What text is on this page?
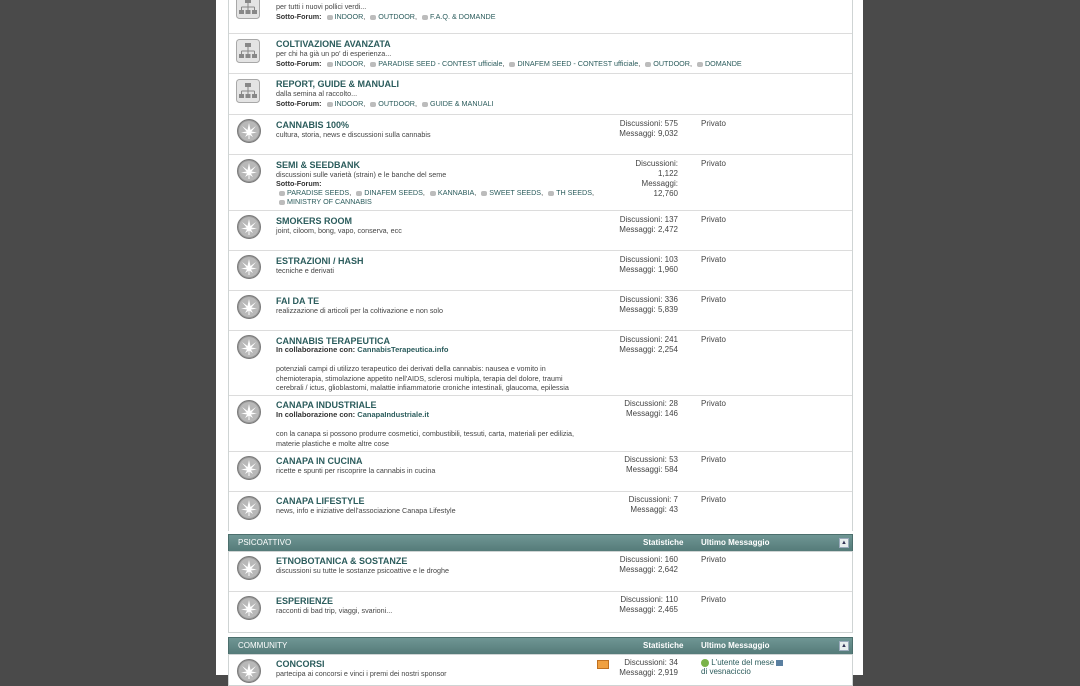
per tutti i nuovi pollici verdi...
Sotto-Forum: INDOOR, OUTDOOR, F.A.Q. & DOMANDE
COLTIVAZIONE AVANZATA
per chi ha già un po' di esperienza...
Sotto-Forum: INDOOR, PARADISE SEED - CONTEST ufficiale, DINAFEM SEED - CONTEST ufficiale, OUTDOOR, DOMANDE
REPORT, GUIDE & MANUALI
dalla semina al raccolto...
Sotto-Forum: INDOOR, OUTDOOR, GUIDE & MANUALI
CANNABIS 100%
cultura, storia, news e discussioni sulla cannabis
Discussioni: 575
Messaggi: 9,032
Privato
SEMI & SEEDBANK
discussioni sulle varietà (strain) e le banche del seme
Sotto-Forum:
PARADISE SEEDS, DINAFEM SEEDS, KANNABIA, SWEET SEEDS, TH SEEDS,
MINISTRY OF CANNABIS
Discussioni:
1,122
Messaggi:
12,760
Privato
SMOKERS ROOM
joint, ciloom, bong, vapo, conserva, ecc
Discussioni: 137
Messaggi: 2,472
Privato
ESTRAZIONI / HASH
tecniche e derivati
Discussioni: 103
Messaggi: 1,960
Privato
FAI DA TE
realizzazione di articoli per la coltivazione e non solo
Discussioni: 336
Messaggi: 5,839
Privato
CANNABIS TERAPEUTICA
In collaborazione con: CannabisTerapeutica.info
potenziali campi di utilizzo terapeutico dei derivati della cannabis: nausea e vomito in chemioterapia, stimolazione appetito nell'AIDS, sclerosi multipla, terapia del dolore, traumi cerebrali / ictus, glioblastomi, malattie infiammatorie croniche intestinali, glaucoma, epilessia
Discussioni: 241
Messaggi: 2,254
Privato
CANAPA INDUSTRIALE
In collaborazione con: CanapaIndustriale.it
con la canapa si possono produrre cosmetici, combustibili, tessuti, carta, materiali per edilizia, materie plastiche e molte altre cose
Discussioni: 28
Messaggi: 146
Privato
CANAPA IN CUCINA
ricette e spunti per riscoprire la cannabis in cucina
Discussioni: 53
Messaggi: 584
Privato
CANAPA LIFESTYLE
news, info e iniziative dell'associazione Canapa Lifestyle
Discussioni: 7
Messaggi: 43
Privato
PSICOATTIVO	Statistiche Ultimo Messaggio	▲
ETNOBOTANICA & SOSTANZE
discussioni su tutte le sostanze psicoattive e le droghe
Discussioni: 160
Messaggi: 2,642
Privato
ESPERIENZE
racconti di bad trip, viaggi, svarioni...
Discussioni: 110
Messaggi: 2,465
Privato
COMMUNITY	Statistiche Ultimo Messaggio	▲
CONCORSI
partecipa ai concorsi e vinci i premi dei nostri sponsor
Discussioni: 34
Messaggi: 2,919
L'utente del mese
di vesnaciccio
